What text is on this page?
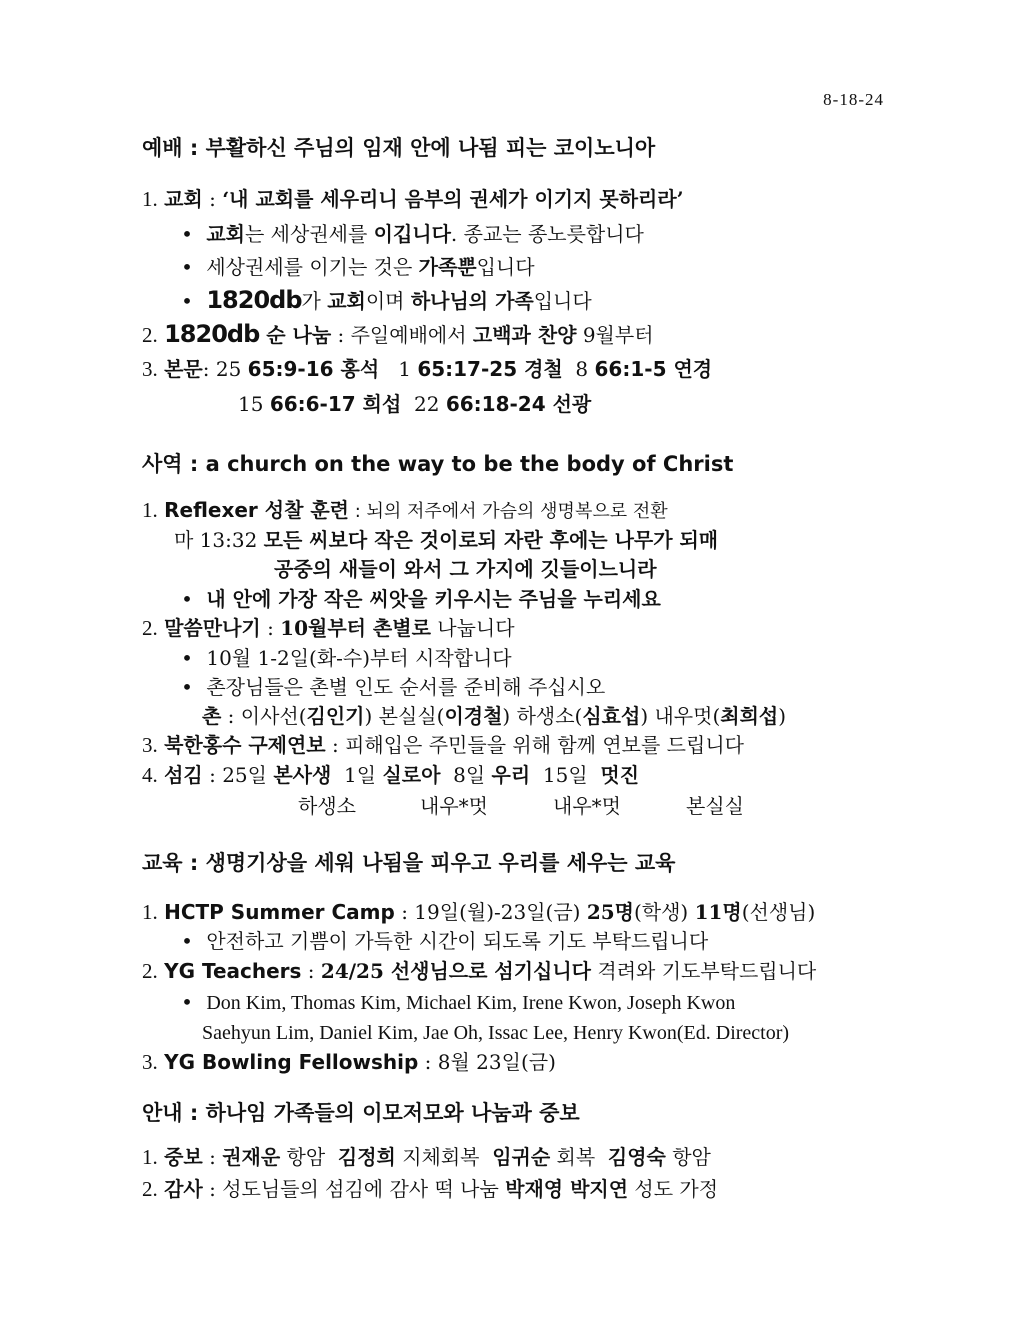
8-18-24
예배 : 부활하신 주님의 임재 안에 나됨 피는 코이노니아
1. 교회 : ‘내 교회를 세우리니 음부의 권세가 이기지 못하리라’
• 교회는 세상권세를 이깁니다. 종교는 종노릇합니다
• 세상권세를 이기는 것은 가족뿐입니다
• 1820db가 교회이며 하나님의 가족입니다
2. 1820db 순 나눔 : 주일예배에서 고백과 찬양 9월부터
3. 본문: 25 65:9-16 홍석   1 65:17-25 경철  8 66:1-5 연경
15 66:6-17 희섭  22 66:18-24 선광
사역 : a church on the way to be the body of Christ
1. Reflexer 성찰 훈련 : 뇌의 저주에서 가슴의 생명복으로 전환
마 13:32 모든 씨보다 작은 것이로되 자란 후에는 나무가 되매
공중의 새들이 와서 그 가지에 깃들이느니라
• 내 안에 가장 작은 씨앗을 키우시는 주님을 누리세요
2. 말씀만나기 : 10월부터 촌별로 나눕니다
• 10월 1-2일(화-수)부터 시작합니다
• 촌장님들은 촌별 인도 순서를 준비해 주십시오
촌 : 이사선(김인기) 본실실(이경철) 하생소(심효섭) 내우멋(최희섭)
3. 북한홍수 구제연보 : 피해입은 주민들을 위해 함께 연보를 드립니다
4. 섬김 : 25일 본사생  1일 실로아  8일 우리  15일  멋진
하생소	내우*멋	내우*멋	본실실
교육 : 생명기상을 세워 나됨을 피우고 우리를 세우는 교육
1. HCTP Summer Camp : 19일(월)-23일(금) 25명(학생) 11명(선생님)
• 안전하고 기쁨이 가득한 시간이 되도록 기도 부탁드립니다
2. YG Teachers : 24/25 선생님으로 섬기십니다 격려와 기도부탁드립니다
• Don Kim, Thomas Kim, Michael Kim, Irene Kwon, Joseph Kwon
Saehyun Lim, Daniel Kim, Jae Oh, Issac Lee, Henry Kwon(Ed. Director)
3. YG Bowling Fellowship : 8월 23일(금)
안내 : 하나임 가족들의 이모저모와 나눔과 중보
1. 중보 : 권재운 항암  김정희 지체회복  임귀순 회복  김영숙 항암
2. 감사 : 성도님들의 섬김에 감사 떡 나눔 박재영 박지연 성도 가정
